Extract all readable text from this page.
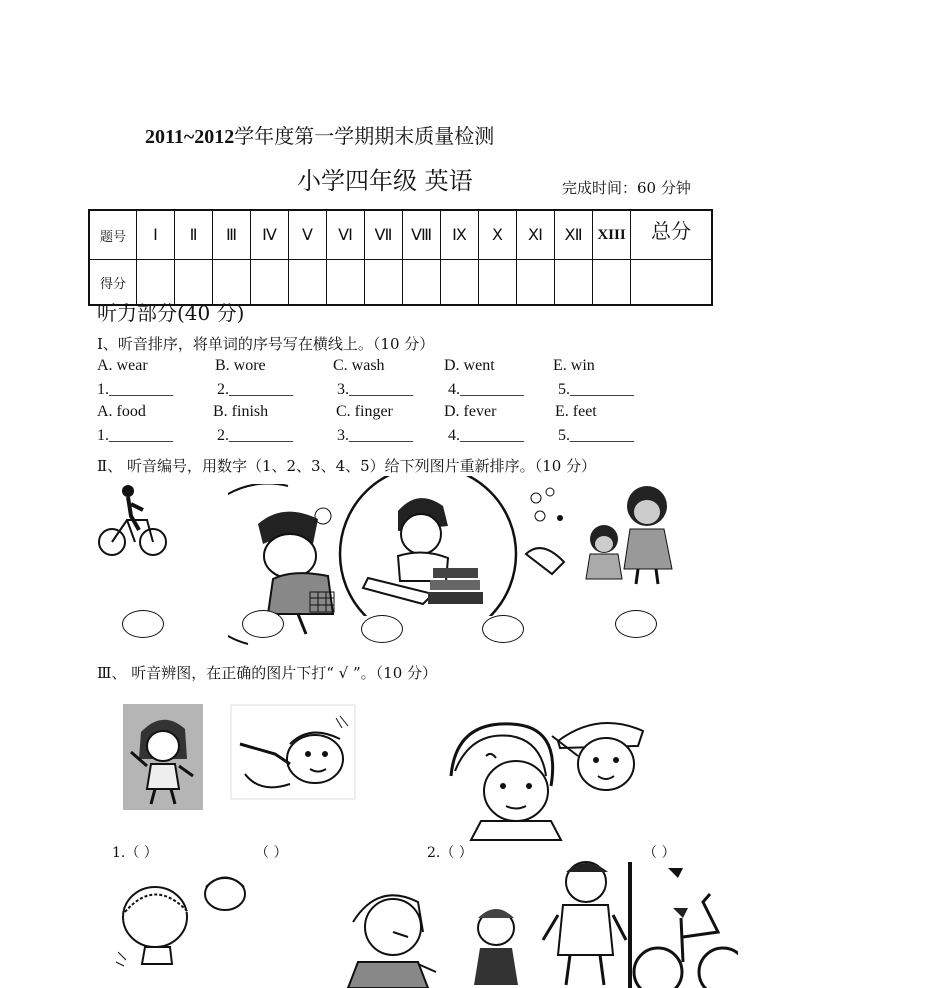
2011~2012学年度第一学期期末质量检测
小学四年级 英语	完成时间：60 分钟
题号	Ⅰ	Ⅱ	Ⅲ	Ⅳ	Ⅴ	Ⅵ	Ⅶ	Ⅷ	Ⅸ	Ⅹ	Ⅺ	Ⅻ	XIII	总分
得分														
听力部分(40 分)
Ⅰ、听音排序，将单词的序号写在横线上。（10 分）
A. wear	B. wore	C. wash	D. went	E. win
1.________	2.________	3.________ 4.________ 5.________
A. food	B. finish	C. finger	D. fever	E. feet
1.________	2.________	3.________ 4.________ 5.________
Ⅱ、 听音编号，用数字（1、2、3、4、5）给下列图片重新排序。（10 分）
Ⅲ、 听音辨图，在正确的图片下打“ √ ”。（10 分）
1.（ ）	（ ）	2.（ ）	（ ）
